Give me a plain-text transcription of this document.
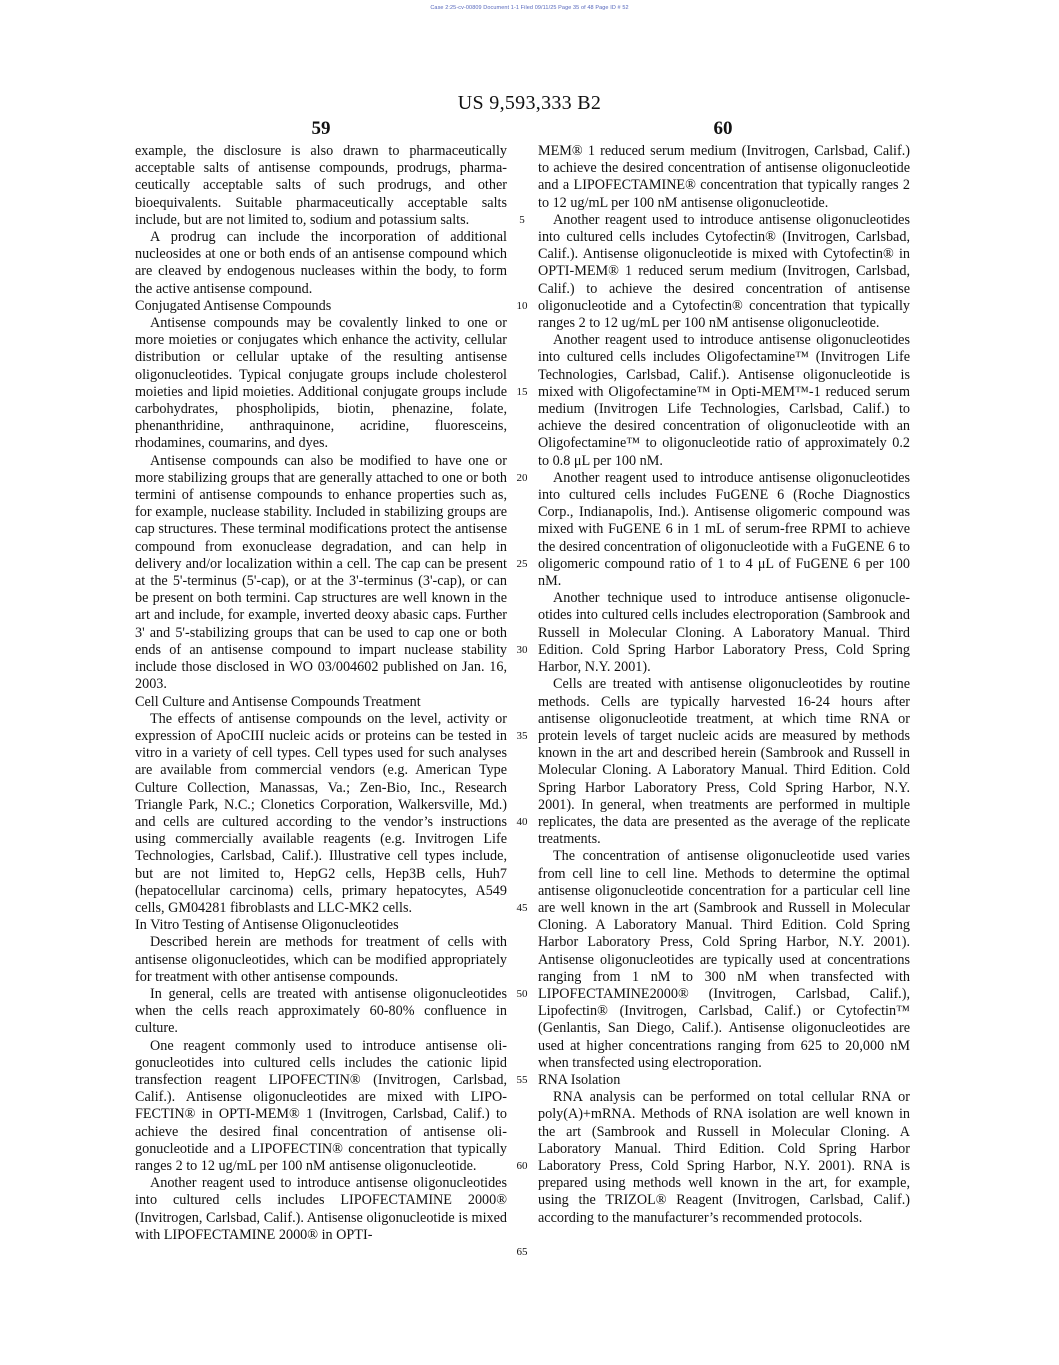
Case 2:25-cv-00809 Document 1-1 Filed 09/11/25 Page 35 of 48 Page ID # 52
US 9,593,333 B2
59	60

example, the disclosure is also drawn to pharmaceutically acceptable salts of antisense compounds, prodrugs, pharmaceutically acceptable salts of such prodrugs, and other bioequivalents. Suitable pharmaceutically acceptable salts include, but are not limited to, sodium and potassium salts.

A prodrug can include the incorporation of additional nucleosides at one or both ends of an antisense compound which are cleaved by endogenous nucleases within the body, to form the active antisense compound.

Conjugated Antisense Compounds

Antisense compounds may be covalently linked to one or more moieties or conjugates which enhance the activity, cellular distribution or cellular uptake of the resulting antisense oligonucleotides. Typical conjugate groups include cholesterol moieties and lipid moieties. Additional conjugate groups include carbohydrates, phospholipids, biotin, phenazine, folate, phenanthridine, anthraquinone, acridine, fluoresceins, rhodamines, coumarins, and dyes.

Antisense compounds can also be modified to have one or more stabilizing groups that are generally attached to one or both termini of antisense compounds to enhance properties such as, for example, nuclease stability. Included in stabilizing groups are cap structures. These terminal modifications protect the antisense compound from exonuclease degradation, and can help in delivery and/or localization within a cell. The cap can be present at the 5'-terminus (5'-cap), or at the 3'-terminus (3'-cap), or can be present on both termini. Cap structures are well known in the art and include, for example, inverted deoxy abasic caps. Further 3' and 5'-stabilizing groups that can be used to cap one or both ends of an antisense compound to impart nuclease stability include those disclosed in WO 03/004602 published on Jan. 16, 2003.

Cell Culture and Antisense Compounds Treatment

The effects of antisense compounds on the level, activity or expression of ApoCIII nucleic acids or proteins can be tested in vitro in a variety of cell types. Cell types used for such analyses are available from commercial vendors (e.g. American Type Culture Collection, Manassas, Va.; Zen-Bio, Inc., Research Triangle Park, N.C.; Clonetics Corporation, Walkersville, Md.) and cells are cultured according to the vendor’s instructions using commercially available reagents (e.g. Invitrogen Life Technologies, Carlsbad, Calif.). Illustrative cell types include, but are not limited to, HepG2 cells, Hep3B cells, Huh7 (hepatocellular carcinoma) cells, primary hepatocytes, A549 cells, GM04281 fibroblasts and LLC-MK2 cells.

In Vitro Testing of Antisense Oligonucleotides

Described herein are methods for treatment of cells with antisense oligonucleotides, which can be modified appropriately for treatment with other antisense compounds.

In general, cells are treated with antisense oligonucleotides when the cells reach approximately 60-80% confluence in culture.

One reagent commonly used to introduce antisense oligonucleotides into cultured cells includes the cationic lipid transfection reagent LIPOFECTIN® (Invitrogen, Carlsbad, Calif.). Antisense oligonucleotides are mixed with LIPOFECTIN® in OPTI-MEM® 1 (Invitrogen, Carlsbad, Calif.) to achieve the desired final concentration of antisense oligonucleotide and a LIPOFECTIN® concentration that typically ranges 2 to 12 ug/mL per 100 nM antisense oligonucleotide.

Another reagent used to introduce antisense oligonucleotides into cultured cells includes LIPOFECTAMINE 2000® (Invitrogen, Carlsbad, Calif.). Antisense oligonucleotide is mixed with LIPOFECTAMINE 2000® in OPTI-

5
10
15
20
25
30
35
40
45
50
55
60
65

MEM® 1 reduced serum medium (Invitrogen, Carlsbad, Calif.) to achieve the desired concentration of antisense oligonucleotide and a LIPOFECTAMINE® concentration that typically ranges 2 to 12 ug/mL per 100 nM antisense oligonucleotide.

Another reagent used to introduce antisense oligonucleotides into cultured cells includes Cytofectin® (Invitrogen, Carlsbad, Calif.). Antisense oligonucleotide is mixed with Cytofectin® in OPTI-MEM® 1 reduced serum medium (Invitrogen, Carlsbad, Calif.) to achieve the desired concentration of antisense oligonucleotide and a Cytofectin® concentration that typically ranges 2 to 12 ug/mL per 100 nM antisense oligonucleotide.

Another reagent used to introduce antisense oligonucleotides into cultured cells includes Oligofectamine™ (Invitrogen Life Technologies, Carlsbad, Calif.). Antisense oligonucleotide is mixed with Oligofectamine™ in Opti-MEM™-1 reduced serum medium (Invitrogen Life Technologies, Carlsbad, Calif.) to achieve the desired concentration of oligonucleotide with an Oligofectamine™ to oligonucleotide ratio of approximately 0.2 to 0.8 μL per 100 nM.

Another reagent used to introduce antisense oligonucleotides into cultured cells includes FuGENE 6 (Roche Diagnostics Corp., Indianapolis, Ind.). Antisense oligomeric compound was mixed with FuGENE 6 in 1 mL of serum-free RPMI to achieve the desired concentration of oligonucleotide with a FuGENE 6 to oligomeric compound ratio of 1 to 4 μL of FuGENE 6 per 100 nM.

Another technique used to introduce antisense oligonucleotides into cultured cells includes electroporation (Sambrook and Russell in Molecular Cloning. A Laboratory Manual. Third Edition. Cold Spring Harbor Laboratory Press, Cold Spring Harbor, N.Y. 2001).

Cells are treated with antisense oligonucleotides by routine methods. Cells are typically harvested 16-24 hours after antisense oligonucleotide treatment, at which time RNA or protein levels of target nucleic acids are measured by methods known in the art and described herein (Sambrook and Russell in Molecular Cloning. A Laboratory Manual. Third Edition. Cold Spring Harbor Laboratory Press, Cold Spring Harbor, N.Y. 2001). In general, when treatments are performed in multiple replicates, the data are presented as the average of the replicate treatments.

The concentration of antisense oligonucleotide used varies from cell line to cell line. Methods to determine the optimal antisense oligonucleotide concentration for a particular cell line are well known in the art (Sambrook and Russell in Molecular Cloning. A Laboratory Manual. Third Edition. Cold Spring Harbor Laboratory Press, Cold Spring Harbor, N.Y. 2001). Antisense oligonucleotides are typically used at concentrations ranging from 1 nM to 300 nM when transfected with LIPOFECTAMINE2000® (Invitrogen, Carlsbad, Calif.), Lipofectin® (Invitrogen, Carlsbad, Calif.) or Cytofectin™ (Genlantis, San Diego, Calif.). Antisense oligonucleotides are used at higher concentrations ranging from 625 to 20,000 nM when transfected using electroporation.

RNA Isolation

RNA analysis can be performed on total cellular RNA or poly(A)+mRNA. Methods of RNA isolation are well known in the art (Sambrook and Russell in Molecular Cloning. A Laboratory Manual. Third Edition. Cold Spring Harbor Laboratory Press, Cold Spring Harbor, N.Y. 2001). RNA is prepared using methods well known in the art, for example, using the TRIZOL® Reagent (Invitrogen, Carlsbad, Calif.) according to the manufacturer’s recommended protocols.
